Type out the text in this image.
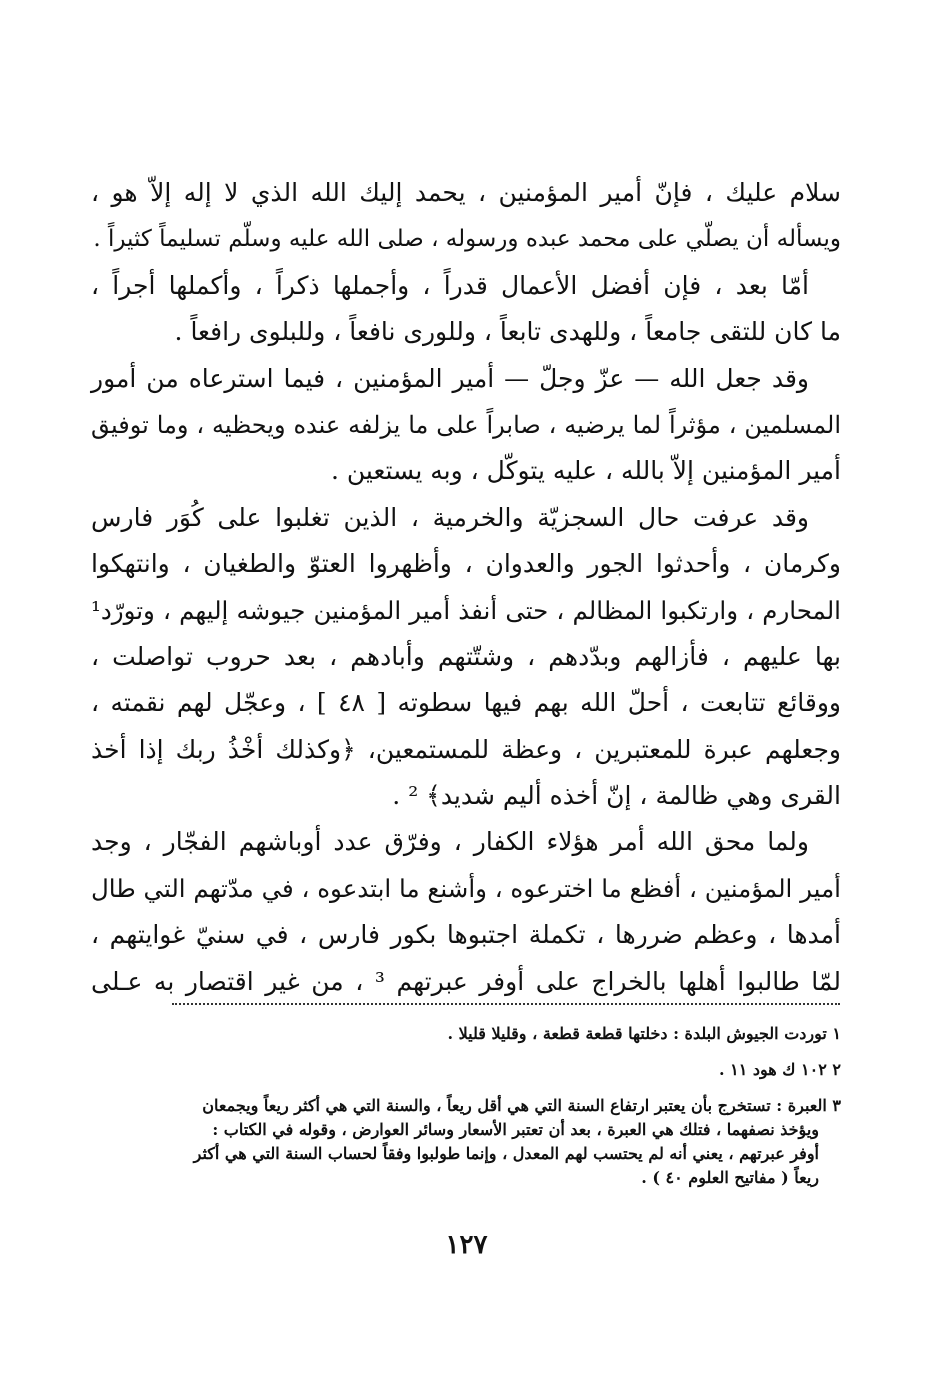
سلام عليك ، فإنّ أمير المؤمنين ، يحمد إليك الله الذي لا إله إلاّ هو ،
ويسأله أن يصلّي على محمد عبده ورسوله ، صلى الله عليه وسلّم تسليماً كثيراً .
أمّا بعد ، فإن أفضل الأعمال قدراً ، وأجملها ذكراً ، وأكملها أجراً ،
ما كان للتقى جامعاً ، وللهدى تابعاً ، وللورى نافعاً ، وللبلوى رافعاً .
وقد جعل الله — عزّ وجلّ — أمير المؤمنين ، فيما استرعاه من أمور
المسلمين ، مؤثراً لما يرضيه ، صابراً على ما يزلفه عنده ويحظيه ، وما توفيق
أمير المؤمنين إلاّ بالله ، عليه يتوكّل ، وبه يستعين .
وقد عرفت حال السجزيّة والخرمية ، الذين تغلبوا على كُوَر فارس
وكرمان ، وأحدثوا الجور والعدوان ، وأظهروا العتوّ والطغيان ، وانتهكوا
المحارم ، وارتكبوا المظالم ، حتى أنفذ أمير المؤمنين جيوشه إليهم ، وتورّد¹
بها عليهم ، فأزالهم وبدّدهم ، وشتّتهم وأبادهم ، بعد حروب تواصلت ،
ووقائع تتابعت ، أحلّ الله بهم فيها سطوته [ ٤٨ ] ، وعجّل لهم نقمته ،
وجعلهم عبرة للمعتبرين ، وعظة للمستمعين، ﴿وكذلك أخْذُ ربك إذا أخذ
القرى وهي ظالمة ، إنّ أخذه أليم شديد﴾ ² .
ولما محق الله أمر هؤلاء الكفار ، وفرّق عدد أوباشهم الفجّار ، وجد
أمير المؤمنين ، أفظع ما اخترعوه ، وأشنع ما ابتدعوه ، في مدّتهم التي طال
أمدها ، وعظم ضررها ، تكملة اجتبوها بكور فارس ، في سنيّ غوايتهم ،
لمّا طالبوا أهلها بالخراج على أوفر عبرتهم ³ ، من غير اقتصار به عـلى
١ توردت الجيوش البلدة : دخلتها قطعة قطعة ، وقليلا قليلا .
٢ ١٠٢ ك هود ١١ .
٣ العبرة : تستخرج بأن يعتبر ارتفاع السنة التي هي أقل ريعاً ، والسنة التي هي أكثر ريعاً ويجمعان
ويؤخذ نصفهما ، فتلك هي العبرة ، بعد أن تعتبر الأسعار وسائر العوارض ، وقوله في الكتاب :
أوفر عبرتهم ، يعني أنه لم يحتسب لهم المعدل ، وإنما طولبوا وفقاً لحساب السنة التي هي أكثر
ريعاً ( مفاتيح العلوم ٤٠ ) .
١٢٧
